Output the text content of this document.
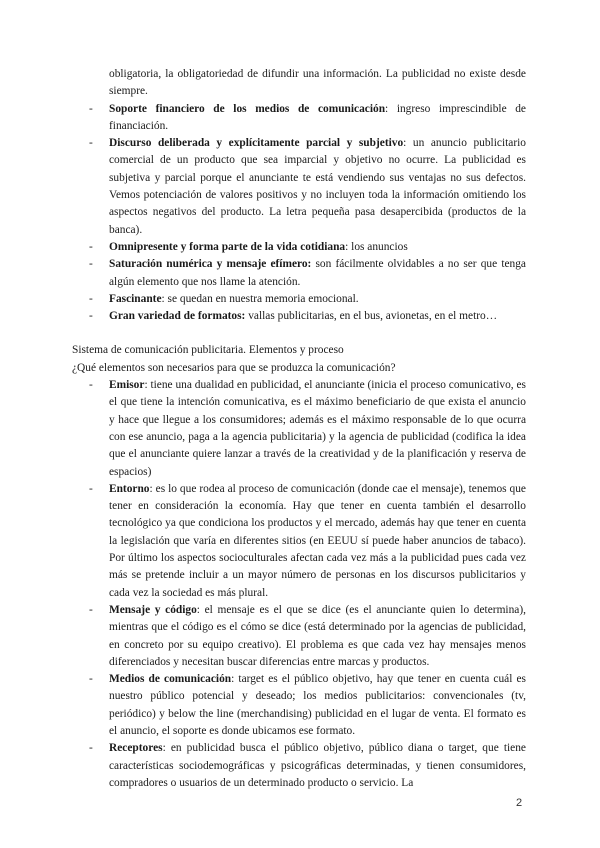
obligatoria, la obligatoriedad de difundir una información. La publicidad no existe desde siempre.
- Soporte financiero de los medios de comunicación: ingreso imprescindible de financiación.
- Discurso deliberada y explícitamente parcial y subjetivo: un anuncio publicitario comercial de un producto que sea imparcial y objetivo no ocurre. La publicidad es subjetiva y parcial porque el anunciante te está vendiendo sus ventajas no sus defectos. Vemos potenciación de valores positivos y no incluyen toda la información omitiendo los aspectos negativos del producto. La letra pequeña pasa desapercibida (productos de la banca).
- Omnipresente y forma parte de la vida cotidiana: los anuncios
- Saturación numérica y mensaje efímero: son fácilmente olvidables a no ser que tenga algún elemento que nos llame la atención.
- Fascinante: se quedan en nuestra memoria emocional.
- Gran variedad de formatos: vallas publicitarias, en el bus, avionetas, en el metro…

Sistema de comunicación publicitaria. Elementos y proceso

¿Qué elementos son necesarios para que se produzca la comunicación?

- Emisor: tiene una dualidad en publicidad, el anunciante (inicia el proceso comunicativo, es el que tiene la intención comunicativa, es el máximo beneficiario de que exista el anuncio y hace que llegue a los consumidores; además es el máximo responsable de lo que ocurra con ese anuncio, paga a la agencia publicitaria) y la agencia de publicidad (codifica la idea que el anunciante quiere lanzar a través de la creatividad y de la planificación y reserva de espacios)
- Entorno: es lo que rodea al proceso de comunicación (donde cae el mensaje), tenemos que tener en consideración la economía. Hay que tener en cuenta también el desarrollo tecnológico ya que condiciona los productos y el mercado, además hay que tener en cuenta la legislación que varía en diferentes sitios (en EEUU sí puede haber anuncios de tabaco). Por último los aspectos socioculturales afectan cada vez más a la publicidad pues cada vez más se pretende incluir a un mayor número de personas en los discursos publicitarios y cada vez la sociedad es más plural.
- Mensaje y código: el mensaje es el que se dice (es el anunciante quien lo determina), mientras que el código es el cómo se dice (está determinado por la agencias de publicidad, en concreto por su equipo creativo). El problema es que cada vez hay mensajes menos diferenciados y necesitan buscar diferencias entre marcas y productos.
- Medios de comunicación: target es el público objetivo, hay que tener en cuenta cuál es nuestro público potencial y deseado; los medios publicitarios: convencionales (tv, periódico) y below the line (merchandising) publicidad en el lugar de venta. El formato es el anuncio, el soporte es donde ubicamos ese formato.
- Receptores: en publicidad busca el público objetivo, público diana o target, que tiene características sociodemográficas y psicográficas determinadas, y tienen consumidores, compradores o usuarios de un determinado producto o servicio. La
2
